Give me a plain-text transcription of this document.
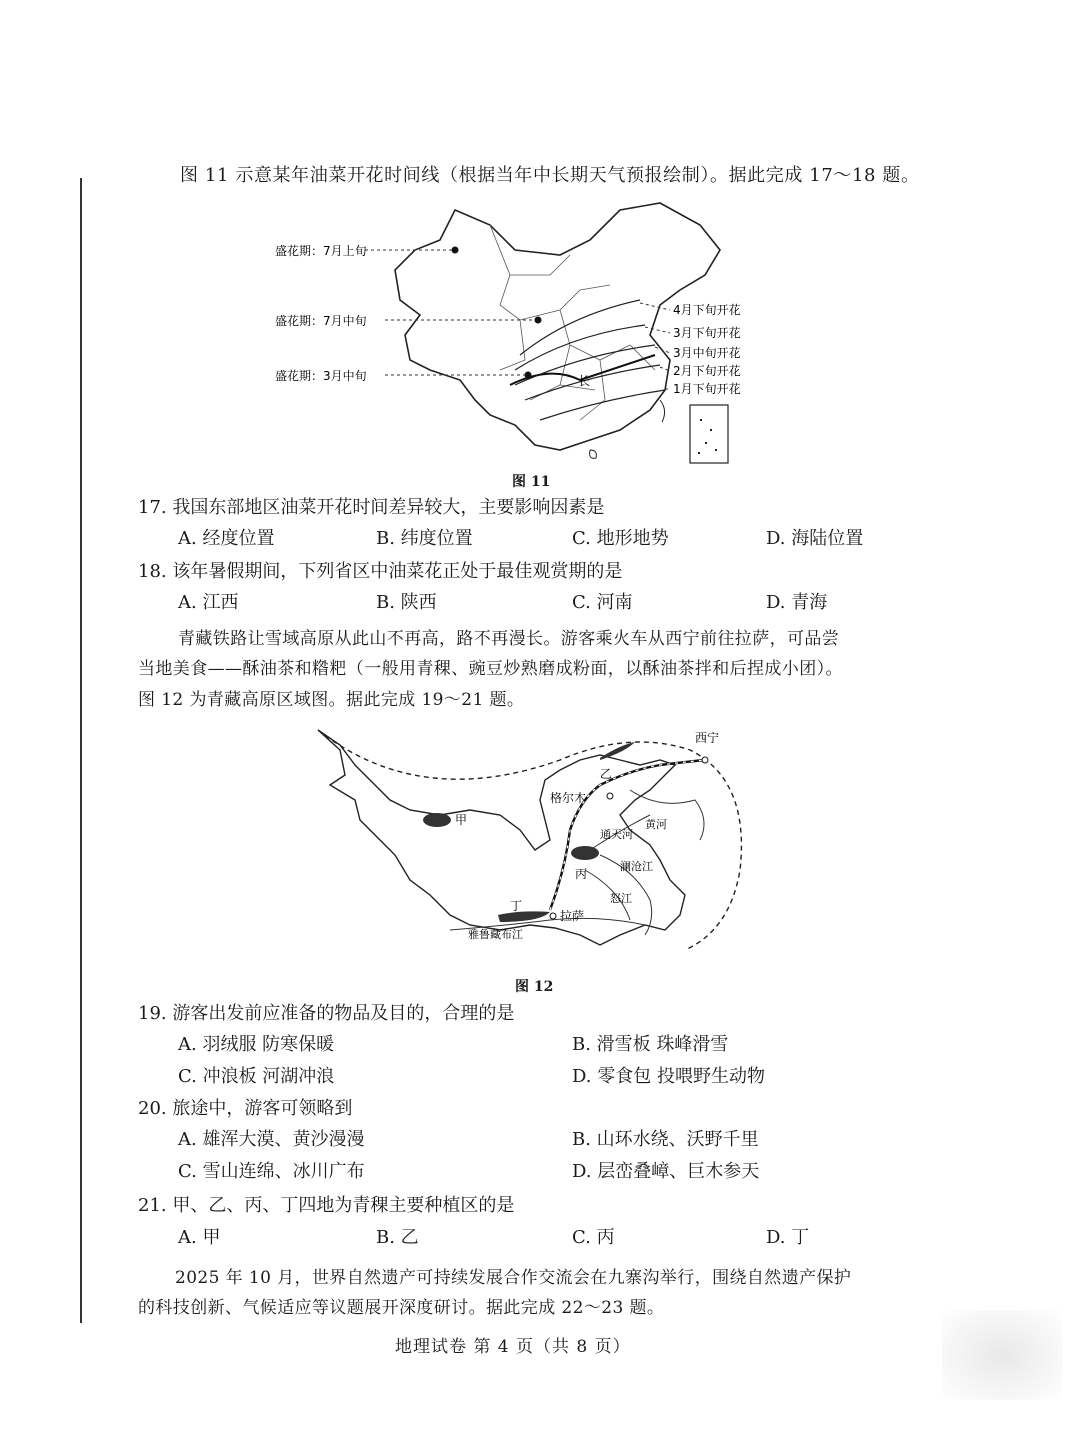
图 11 示意某年油菜开花时间线（根据当年中长期天气预报绘制）。据此完成 17～18 题。
盛花期：7月上旬
盛花期：7月中旬
盛花期：3月中旬
4月下旬开花
3月下旬开花
3月中旬开花
2月下旬开花
1月下旬开花
长
图 11
17. 我国东部地区油菜开花时间差异较大，主要影响因素是
A. 经度位置	B. 纬度位置	C. 地形地势	D. 海陆位置
18. 该年暑假期间，下列省区中油菜花正处于最佳观赏期的是
A. 江西	B. 陕西	C. 河南	D. 青海
青藏铁路让雪域高原从此山不再高，路不再漫长。游客乘火车从西宁前往拉萨，可品尝
当地美食——酥油茶和糌粑（一般用青稞、豌豆炒熟磨成粉面，以酥油茶拌和后捏成小团）。
图 12 为青藏高原区域图。据此完成 19～21 题。
格尔木
西宁
拉萨
甲
乙
丙
丁
通天河
黄河
澜沧江
怒江
雅鲁藏布江
图 12
19. 游客出发前应准备的物品及目的，合理的是
A. 羽绒服 防寒保暖	B. 滑雪板 珠峰滑雪
C. 冲浪板 河湖冲浪	D. 零食包 投喂野生动物
20. 旅途中，游客可领略到
A. 雄浑大漠、黄沙漫漫	B. 山环水绕、沃野千里
C. 雪山连绵、冰川广布	D. 层峦叠嶂、巨木参天
21. 甲、乙、丙、丁四地为青稞主要种植区的是
A. 甲	B. 乙	C. 丙	D. 丁
2025 年 10 月，世界自然遗产可持续发展合作交流会在九寨沟举行，围绕自然遗产保护
的科技创新、气候适应等议题展开深度研讨。据此完成 22～23 题。
地理试卷 第 4 页（共 8 页）
